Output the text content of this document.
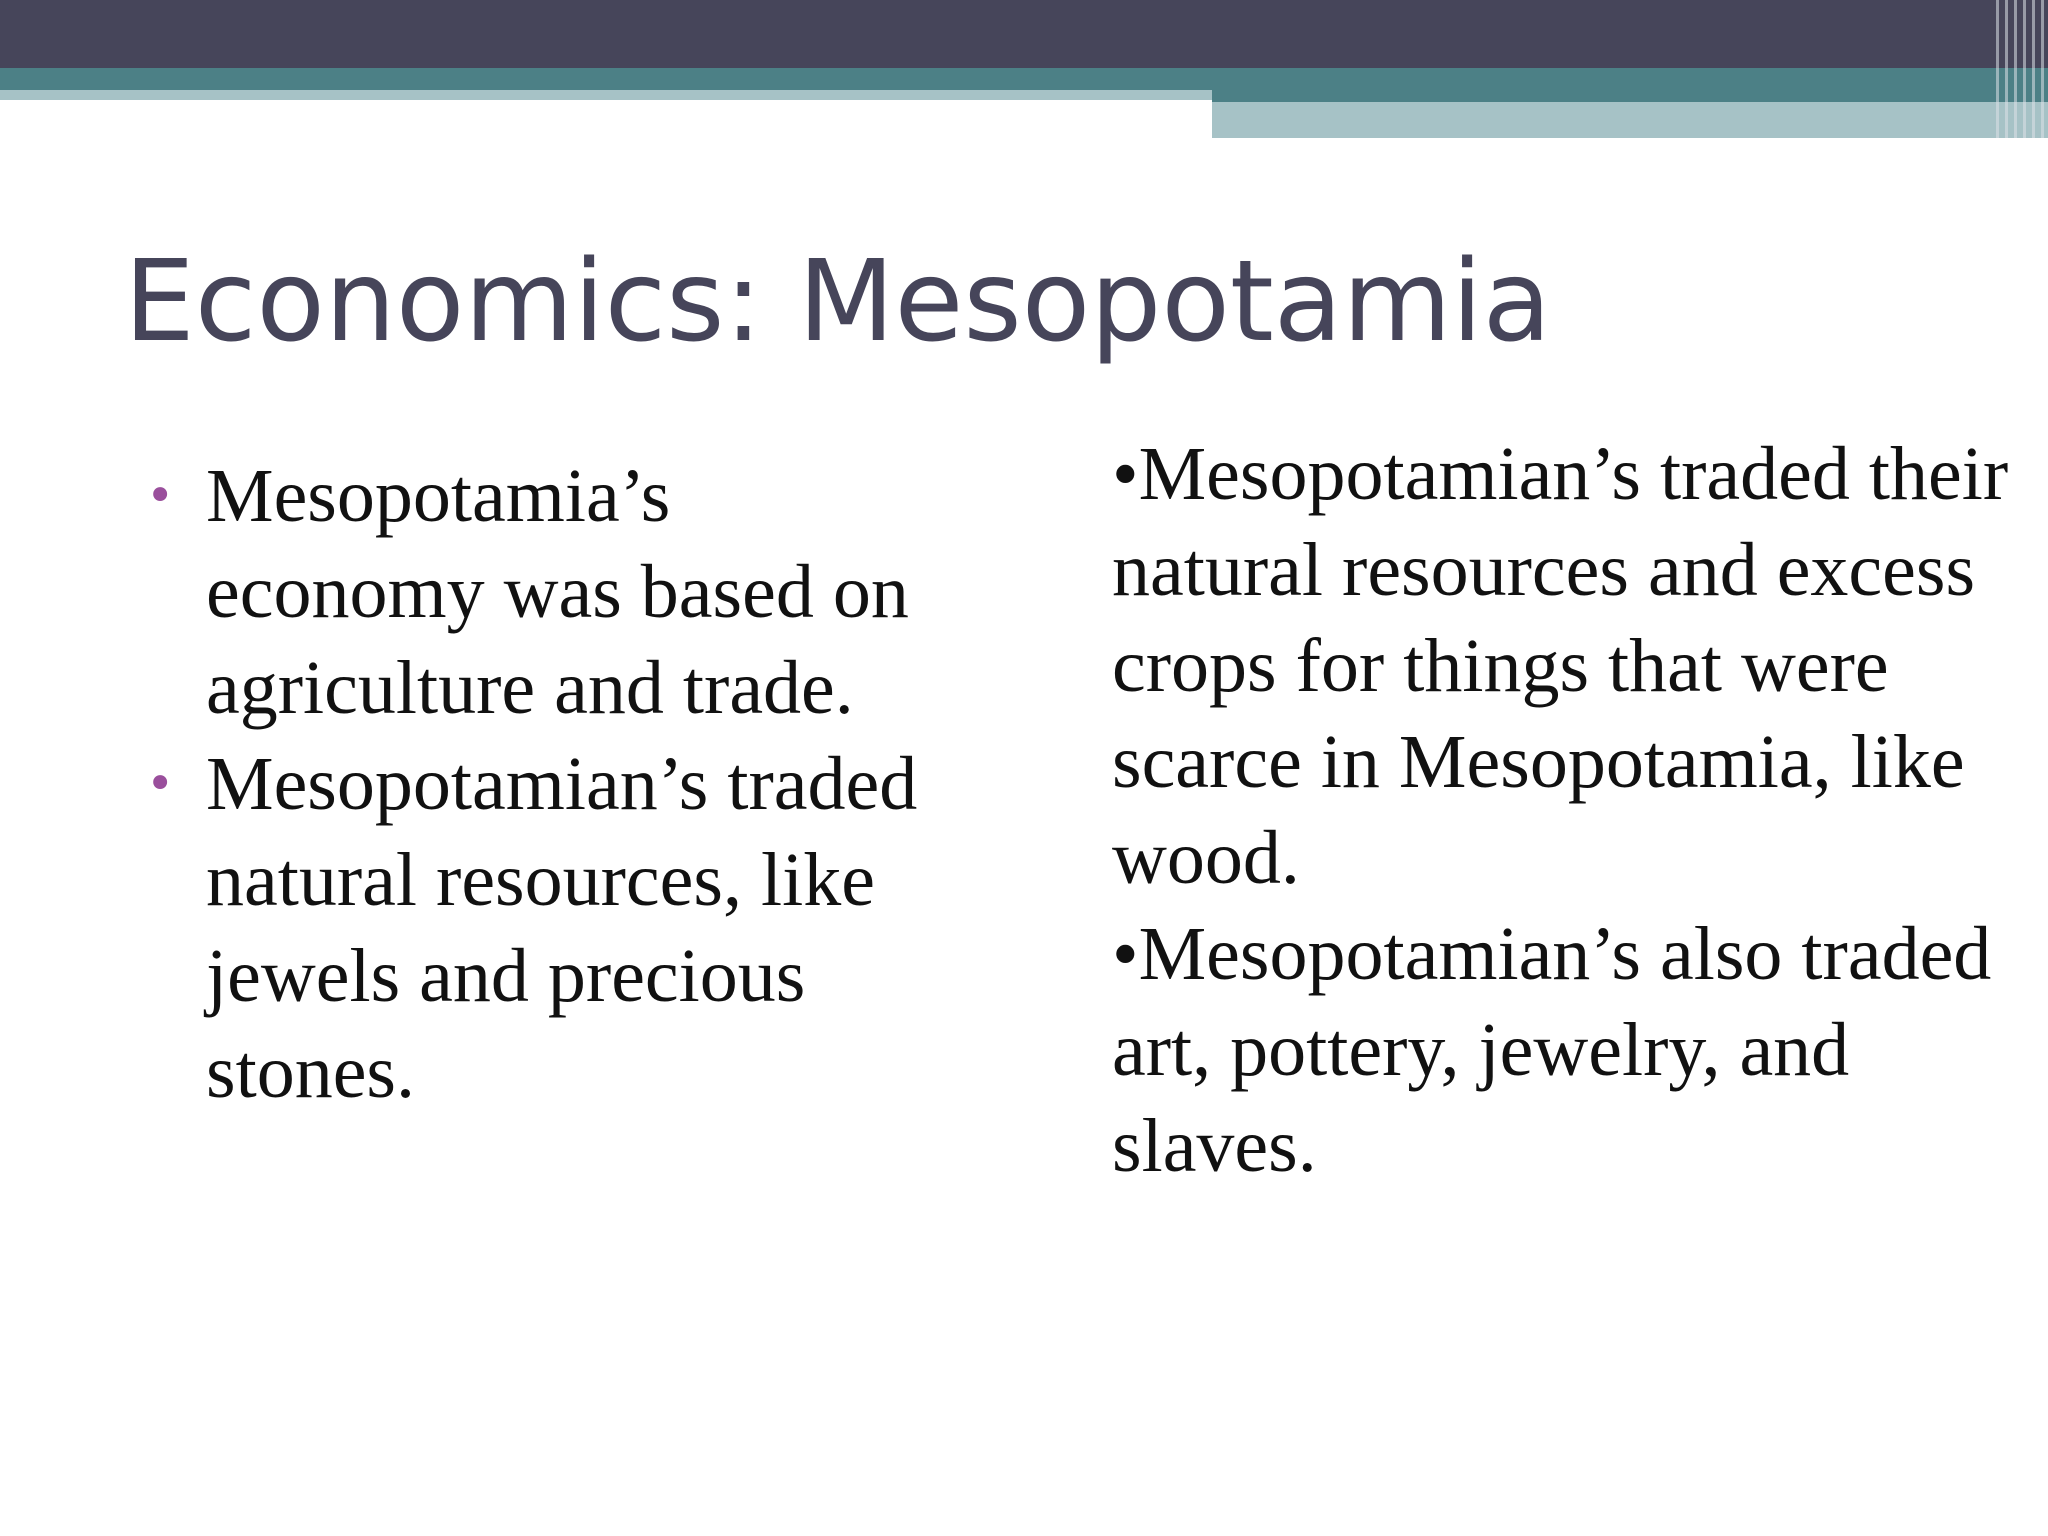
Economics: Mesopotamia
• Mesopotamia’s economy was based on agriculture and trade.
• Mesopotamian’s traded natural resources, like jewels and precious stones.

•Mesopotamian’s traded their natural resources and excess crops for things that were scarce in Mesopotamia, like wood.

•Mesopotamian’s also traded art, pottery, jewelry, and slaves.
